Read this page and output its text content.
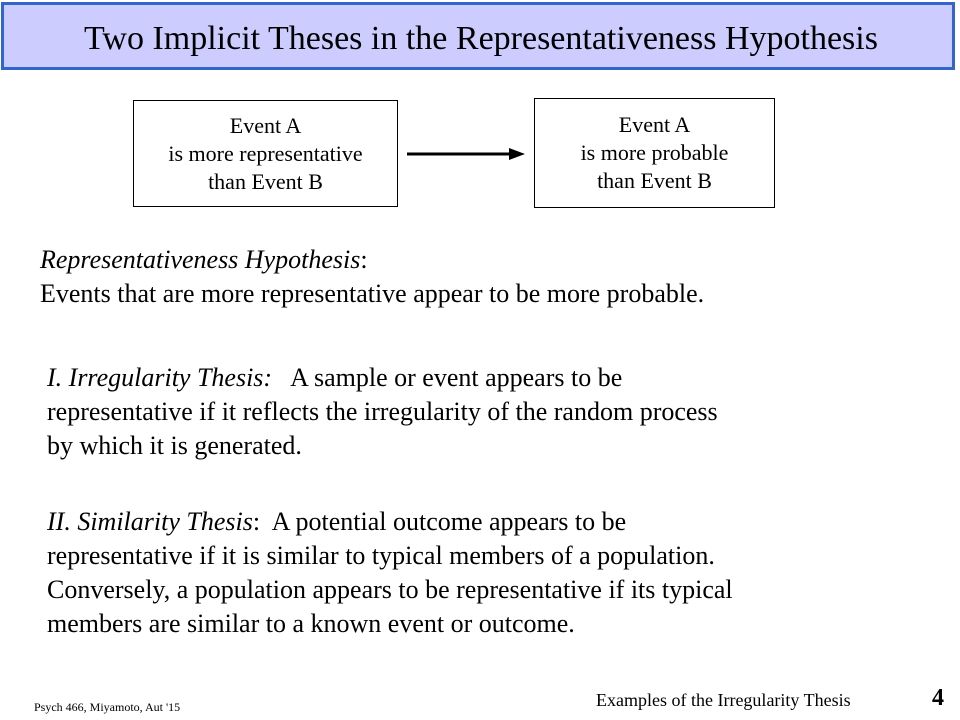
Two Implicit Theses in the Representativeness Hypothesis
Event A
is more representative
than Event B
Event A
is more probable
than Event B
Representativeness Hypothesis:
Events that are more representative appear to be more probable.
I. Irregularity Thesis: A sample or event appears to be
representative if it reflects the irregularity of the random process
by which it is generated.
II. Similarity Thesis: A potential outcome appears to be
representative if it is similar to typical members of a population.
Conversely, a population appears to be representative if its typical
members are similar to a known event or outcome.
Psych 466, Miyamoto, Aut '15	Examples of the Irregularity Thesis	4
